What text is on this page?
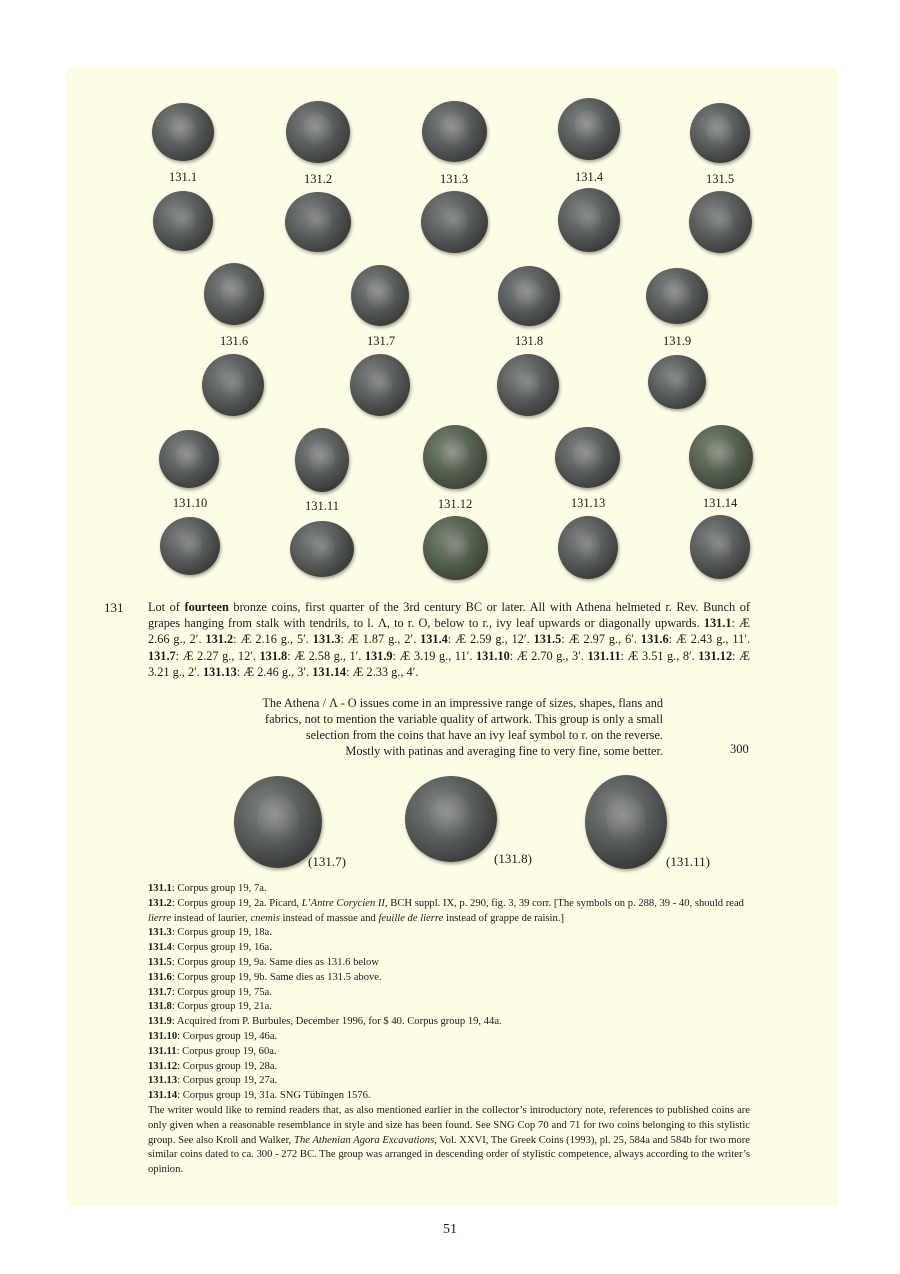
131.1	131.2	131.3	131.4	131.5
131.6	131.7	131.8	131.9
131.10	131.11	131.12	131.13	131.14
131 Lot of fourteen bronze coins, first quarter of the 3rd century BC or later. All with Athena helmeted r. Rev. Bunch of grapes hanging from stalk with tendrils, to l. Λ, to r. O, below to r., ivy leaf upwards or diagonally upwards. 131.1: Æ 2.66 g., 2′. 131.2: Æ 2.16 g., 5′. 131.3: Æ 1.87 g., 2′. 131.4: Æ 2.59 g., 12′. 131.5: Æ 2.97 g., 6′. 131.6: Æ 2.43 g., 11′. 131.7: Æ 2.27 g., 12′. 131.8: Æ 2.58 g., 1′. 131.9: Æ 3.19 g., 11′. 131.10: Æ 2.70 g., 3′. 131.11: Æ 3.51 g., 8′. 131.12: Æ 3.21 g., 2′. 131.13: Æ 2.46 g., 3′. 131.14: Æ 2.33 g., 4′.

The Athena / Λ - O issues come in an impressive range of sizes, shapes, flans and
fabrics, not to mention the variable quality of artwork. This group is only a small
selection from the coins that have an ivy leaf symbol to r. on the reverse.
Mostly with patinas and averaging fine to very fine, some better.	300
(131.7)	(131.8)	(131.11)
131.1: Corpus group 19, 7a.
131.2: Corpus group 19, 2a. Picard, L’Antre Corycien II, BCH suppl. IX, p. 290, fig. 3, 39 corr. [The symbols on p. 288, 39 - 40, should read lierre instead of laurier, cnemis instead of massue and feuille de lierre instead of grappe de raisin.]
131.3: Corpus group 19, 18a.
131.4: Corpus group 19, 16a.
131.5: Corpus group 19, 9a. Same dies as 131.6 below
131.6: Corpus group 19, 9b. Same dies as 131.5 above.
131.7: Corpus group 19, 75a.
131.8: Corpus group 19, 21a.
131.9: Acquired from P. Burbules, December 1996, for $ 40. Corpus group 19, 44a.
131.10: Corpus group 19, 46a.
131.11: Corpus group 19, 60a.
131.12: Corpus group 19, 28a.
131.13: Corpus group 19, 27a.
131.14: Corpus group 19, 31a. SNG Tübingen 1576.
The writer would like to remind readers that, as also mentioned earlier in the collector’s introductory note, references to published coins are only given when a reasonable resemblance in style and size has been found. See SNG Cop 70 and 71 for two coins belonging to this stylistic group. See also Kroll and Walker, The Athenian Agora Excavations, Vol. XXVI, The Greek Coins (1993), pl. 25, 584a and 584b for two more similar coins dated to ca. 300 - 272 BC. The group was arranged in descending order of stylistic competence, always according to the writer’s opinion.
51
